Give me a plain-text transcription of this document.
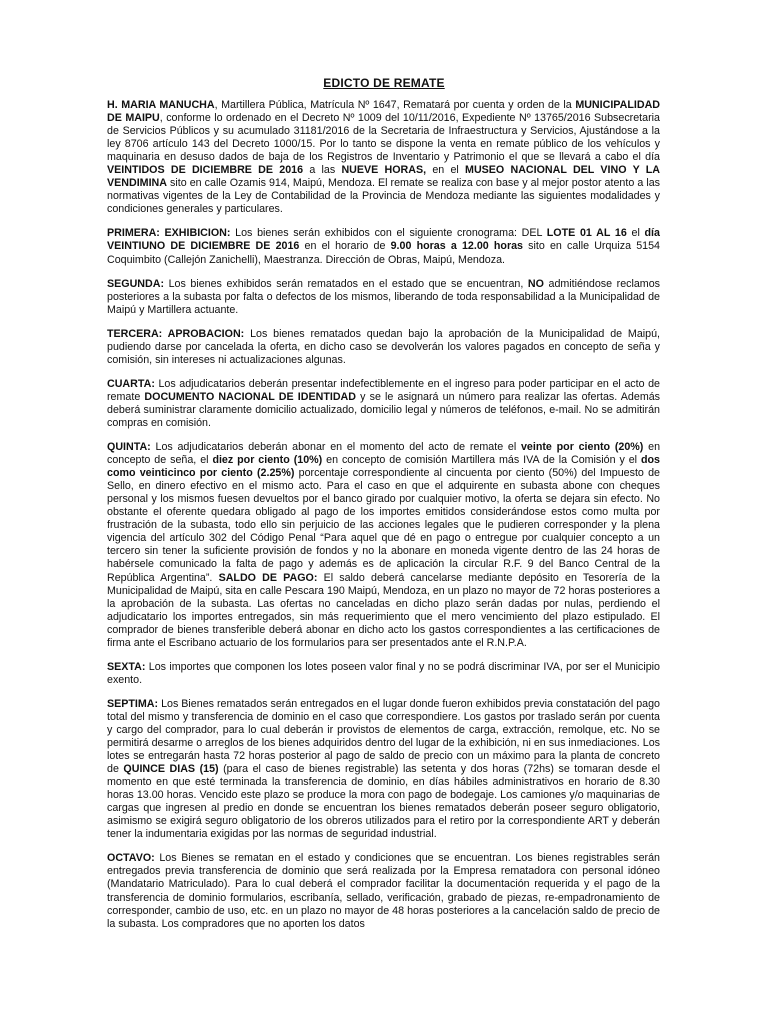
EDICTO DE REMATE

H. MARIA MANUCHA, Martillera Pública, Matrícula Nº 1647, Rematará por cuenta y orden de la MUNICIPALIDAD DE MAIPU, conforme lo ordenado en el Decreto Nº 1009 del 10/11/2016, Expediente Nº 13765/2016 Subsecretaria de Servicios Públicos y su acumulado 31181/2016 de la Secretaria de Infraestructura y Servicios, Ajustándose a la ley 8706 artículo 143 del Decreto 1000/15. Por lo tanto se dispone la venta en remate público de los vehículos y maquinaria en desuso dados de baja de los Registros de Inventario y Patrimonio el que se llevará a cabo el día VEINTIDOS DE DICIEMBRE DE 2016 a las NUEVE HORAS, en el MUSEO NACIONAL DEL VINO Y LA VENDIMINA sito en calle Ozamis 914, Maipú, Mendoza. El remate se realiza con base y al mejor postor atento a las normativas vigentes de la Ley de Contabilidad de la Provincia de Mendoza mediante las siguientes modalidades y condiciones generales y particulares.

PRIMERA: EXHIBICION: Los bienes serán exhibidos con el siguiente cronograma: DEL LOTE 01 AL 16 el día VEINTIUNO DE DICIEMBRE DE 2016 en el horario de 9.00 horas a 12.00 horas sito en calle Urquiza 5154 Coquimbito (Callejón Zanichelli), Maestranza. Dirección de Obras, Maipú, Mendoza.

SEGUNDA: Los bienes exhibidos serán rematados en el estado que se encuentran, NO admitiéndose reclamos posteriores a la subasta por falta o defectos de los mismos, liberando de toda responsabilidad a la Municipalidad de Maipú y Martillera actuante.

TERCERA: APROBACION: Los bienes rematados quedan bajo la aprobación de la Municipalidad de Maipú, pudiendo darse por cancelada la oferta, en dicho caso se devolverán los valores pagados en concepto de seña y comisión, sin intereses ni actualizaciones algunas.

CUARTA: Los adjudicatarios deberán presentar indefectiblemente en el ingreso para poder participar en el acto de remate DOCUMENTO NACIONAL DE IDENTIDAD y se le asignará un número para realizar las ofertas. Además deberá suministrar claramente domicilio actualizado, domicilio legal y números de teléfonos, e-mail. No se admitirán compras en comisión.

QUINTA: Los adjudicatarios deberán abonar en el momento del acto de remate el veinte por ciento (20%) en concepto de seña, el diez por ciento (10%) en concepto de comisión Martillera más IVA de la Comisión y el dos como veinticinco por ciento (2.25%) porcentaje correspondiente al cincuenta por ciento (50%) del Impuesto de Sello, en dinero efectivo en el mismo acto. Para el caso en que el adquirente en subasta abone con cheques personal y los mismos fuesen devueltos por el banco girado por cualquier motivo, la oferta se dejara sin efecto. No obstante el oferente quedara obligado al pago de los importes emitidos considerándose estos como multa por frustración de la subasta, todo ello sin perjuicio de las acciones legales que le pudieren corresponder y la plena vigencia del artículo 302 del Código Penal “Para aquel que dé en pago o entregue por cualquier concepto a un tercero sin tener la suficiente provisión de fondos y no la abonare en moneda vigente dentro de las 24 horas de habérsele comunicado la falta de pago y además es de aplicación la circular R.F. 9 del Banco Central de la República Argentina”. SALDO DE PAGO: El saldo deberá cancelarse mediante depósito en Tesorería de la Municipalidad de Maipú, sita en calle Pescara 190 Maipú, Mendoza, en un plazo no mayor de 72 horas posteriores a la aprobación de la subasta. Las ofertas no canceladas en dicho plazo serán dadas por nulas, perdiendo el adjudicatario los importes entregados, sin más requerimiento que el mero vencimiento del plazo estipulado. El comprador de bienes transferible deberá abonar en dicho acto los gastos correspondientes a las certificaciones de firma ante el Escribano actuario de los formularios para ser presentados ante el R.N.P.A.

SEXTA: Los importes que componen los lotes poseen valor final y no se podrá discriminar IVA, por ser el Municipio exento.

SEPTIMA: Los Bienes rematados serán entregados en el lugar donde fueron exhibidos previa constatación del pago total del mismo y transferencia de dominio en el caso que correspondiere. Los gastos por traslado serán por cuenta y cargo del comprador, para lo cual deberán ir provistos de elementos de carga, extracción, remolque, etc. No se permitirá desarme o arreglos de los bienes adquiridos dentro del lugar de la exhibición, ni en sus inmediaciones. Los lotes se entregarán hasta 72 horas posterior al pago de saldo de precio con un máximo para la planta de concreto de QUINCE DIAS (15) (para el caso de bienes registrable) las setenta y dos horas (72hs) se tomaran desde el momento en que esté terminada la transferencia de dominio, en días hábiles administrativos en horario de 8.30 horas 13.00 horas. Vencido este plazo se produce la mora con pago de bodegaje. Los camiones y/o maquinarias de cargas que ingresen al predio en donde se encuentran los bienes rematados deberán poseer seguro obligatorio, asimismo se exigirá seguro obligatorio de los obreros utilizados para el retiro por la correspondiente ART y deberán tener la indumentaria exigidas por las normas de seguridad industrial.

OCTAVO: Los Bienes se rematan en el estado y condiciones que se encuentran. Los bienes registrables serán entregados previa transferencia de dominio que será realizada por la Empresa rematadora con personal idóneo (Mandatario Matriculado). Para lo cual deberá el comprador facilitar la documentación requerida y el pago de la transferencia de dominio formularios, escribanía, sellado, verificación, grabado de piezas, re-empadronamiento de corresponder, cambio de uso, etc. en un plazo no mayor de 48 horas posteriores a la cancelación saldo de precio de la subasta. Los compradores que no aporten los datos
